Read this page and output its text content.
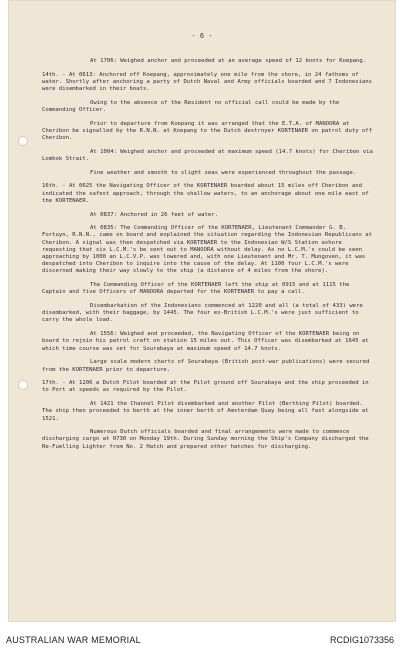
- 6 -

At 1706: Weighed anchor and proceeded at an average speed of 12 knots for Koepang.

14th. - At 0613: Anchored off Koepang, approximately one mile from the shore, in 24 fathoms of water. Shortly after anchoring a party of Dutch Naval and Army officials boarded and 7 Indonesians were disembarked in their boats.

Owing to the absence of the Resident no official call could be made by the Commanding Officer.

Prior to departure from Koepang it was arranged that the E.T.A. of MANOORA at Cheribon be signalled by the R.N.N. at Koepang to the Dutch destroyer KORTENAER on patrol duty off Cheribon.

At 1004: Weighed anchor and proceeded at maximum speed (14.7 knots) for Cheribon via Lombok Strait.

Fine weather and smooth to slight seas were experienced throughout the passage.

16th. - At 0625 the Navigating Officer of the KORTENAER boarded about 15 miles off Cheribon and indicated the safest approach, through the shallow waters, to an anchorage about one mile east of the KORTENAER.

At 0837: Anchored in 26 feet of water.

At 0835: The Commanding Officer of the KORTENAER, Lieutenant Commander G. B. Fortuyn, R.N.N., came on board and explained the situation regarding the Indonesian Republicans at Cheribon. A signal was then despatched via KORTENAER to the Indonesian W/S Station ashore requesting that six L.C.M.'s be sent out to MANOORA without delay. As no L.C.M.'s could be seen approaching by 1000 an L.C.V.P. was lowered and, with one Lieutenant and Mr. T. Mungoven, it was despatched into Cheribon to inquire into the cause of the delay. At 1100 four L.C.M.'s were discerned making their way slowly to the ship (a distance of 4 miles from the shore).

The Commanding Officer of the KORTENAER left the ship at 0915 and at 1115 the Captain and five Officers of MANOORA departed for the KORTENAER to pay a call.

Disembarkation of the Indonesians commenced at 1220 and all (a total of 433) were disembarked, with their baggage, by 1445. The four ex-British L.C.M.'s were just sufficient to carry the whole load.

At 1556: Weighed and proceeded, the Navigating Officer of the KORTENAER being on board to rejoin his patrol craft on station 15 miles out. This Officer was disembarked at 1645 at which time course was set for Sourabaya at maximum speed of 14.7 knots.

Large scale modern charts of Sourabaya (British post-war publications) were secured from the KORTENAER prior to departure.

17th. - At 1206 a Dutch Pilot boarded at the Pilot ground off Sourabaya and the ship proceeded in to Port at speeds as required by the Pilot.

At 1421 the Channel Pilot disembarked and another Pilot (Berthing Pilot) boarded. The ship then proceeded to berth at the inner berth of Amsterdam Quay being all fast alongside at 1521.

Numerous Dutch officials boarded and final arrangements were made to commence discharging cargo at 0730 on Monday 19th. During Sunday morning the Ship's Company discharged the Re-Fuelling Lighter from No. 2 Hatch and prepared other hatches for discharging.

AUSTRALIAN WAR MEMORIAL	RCDIG1073356
